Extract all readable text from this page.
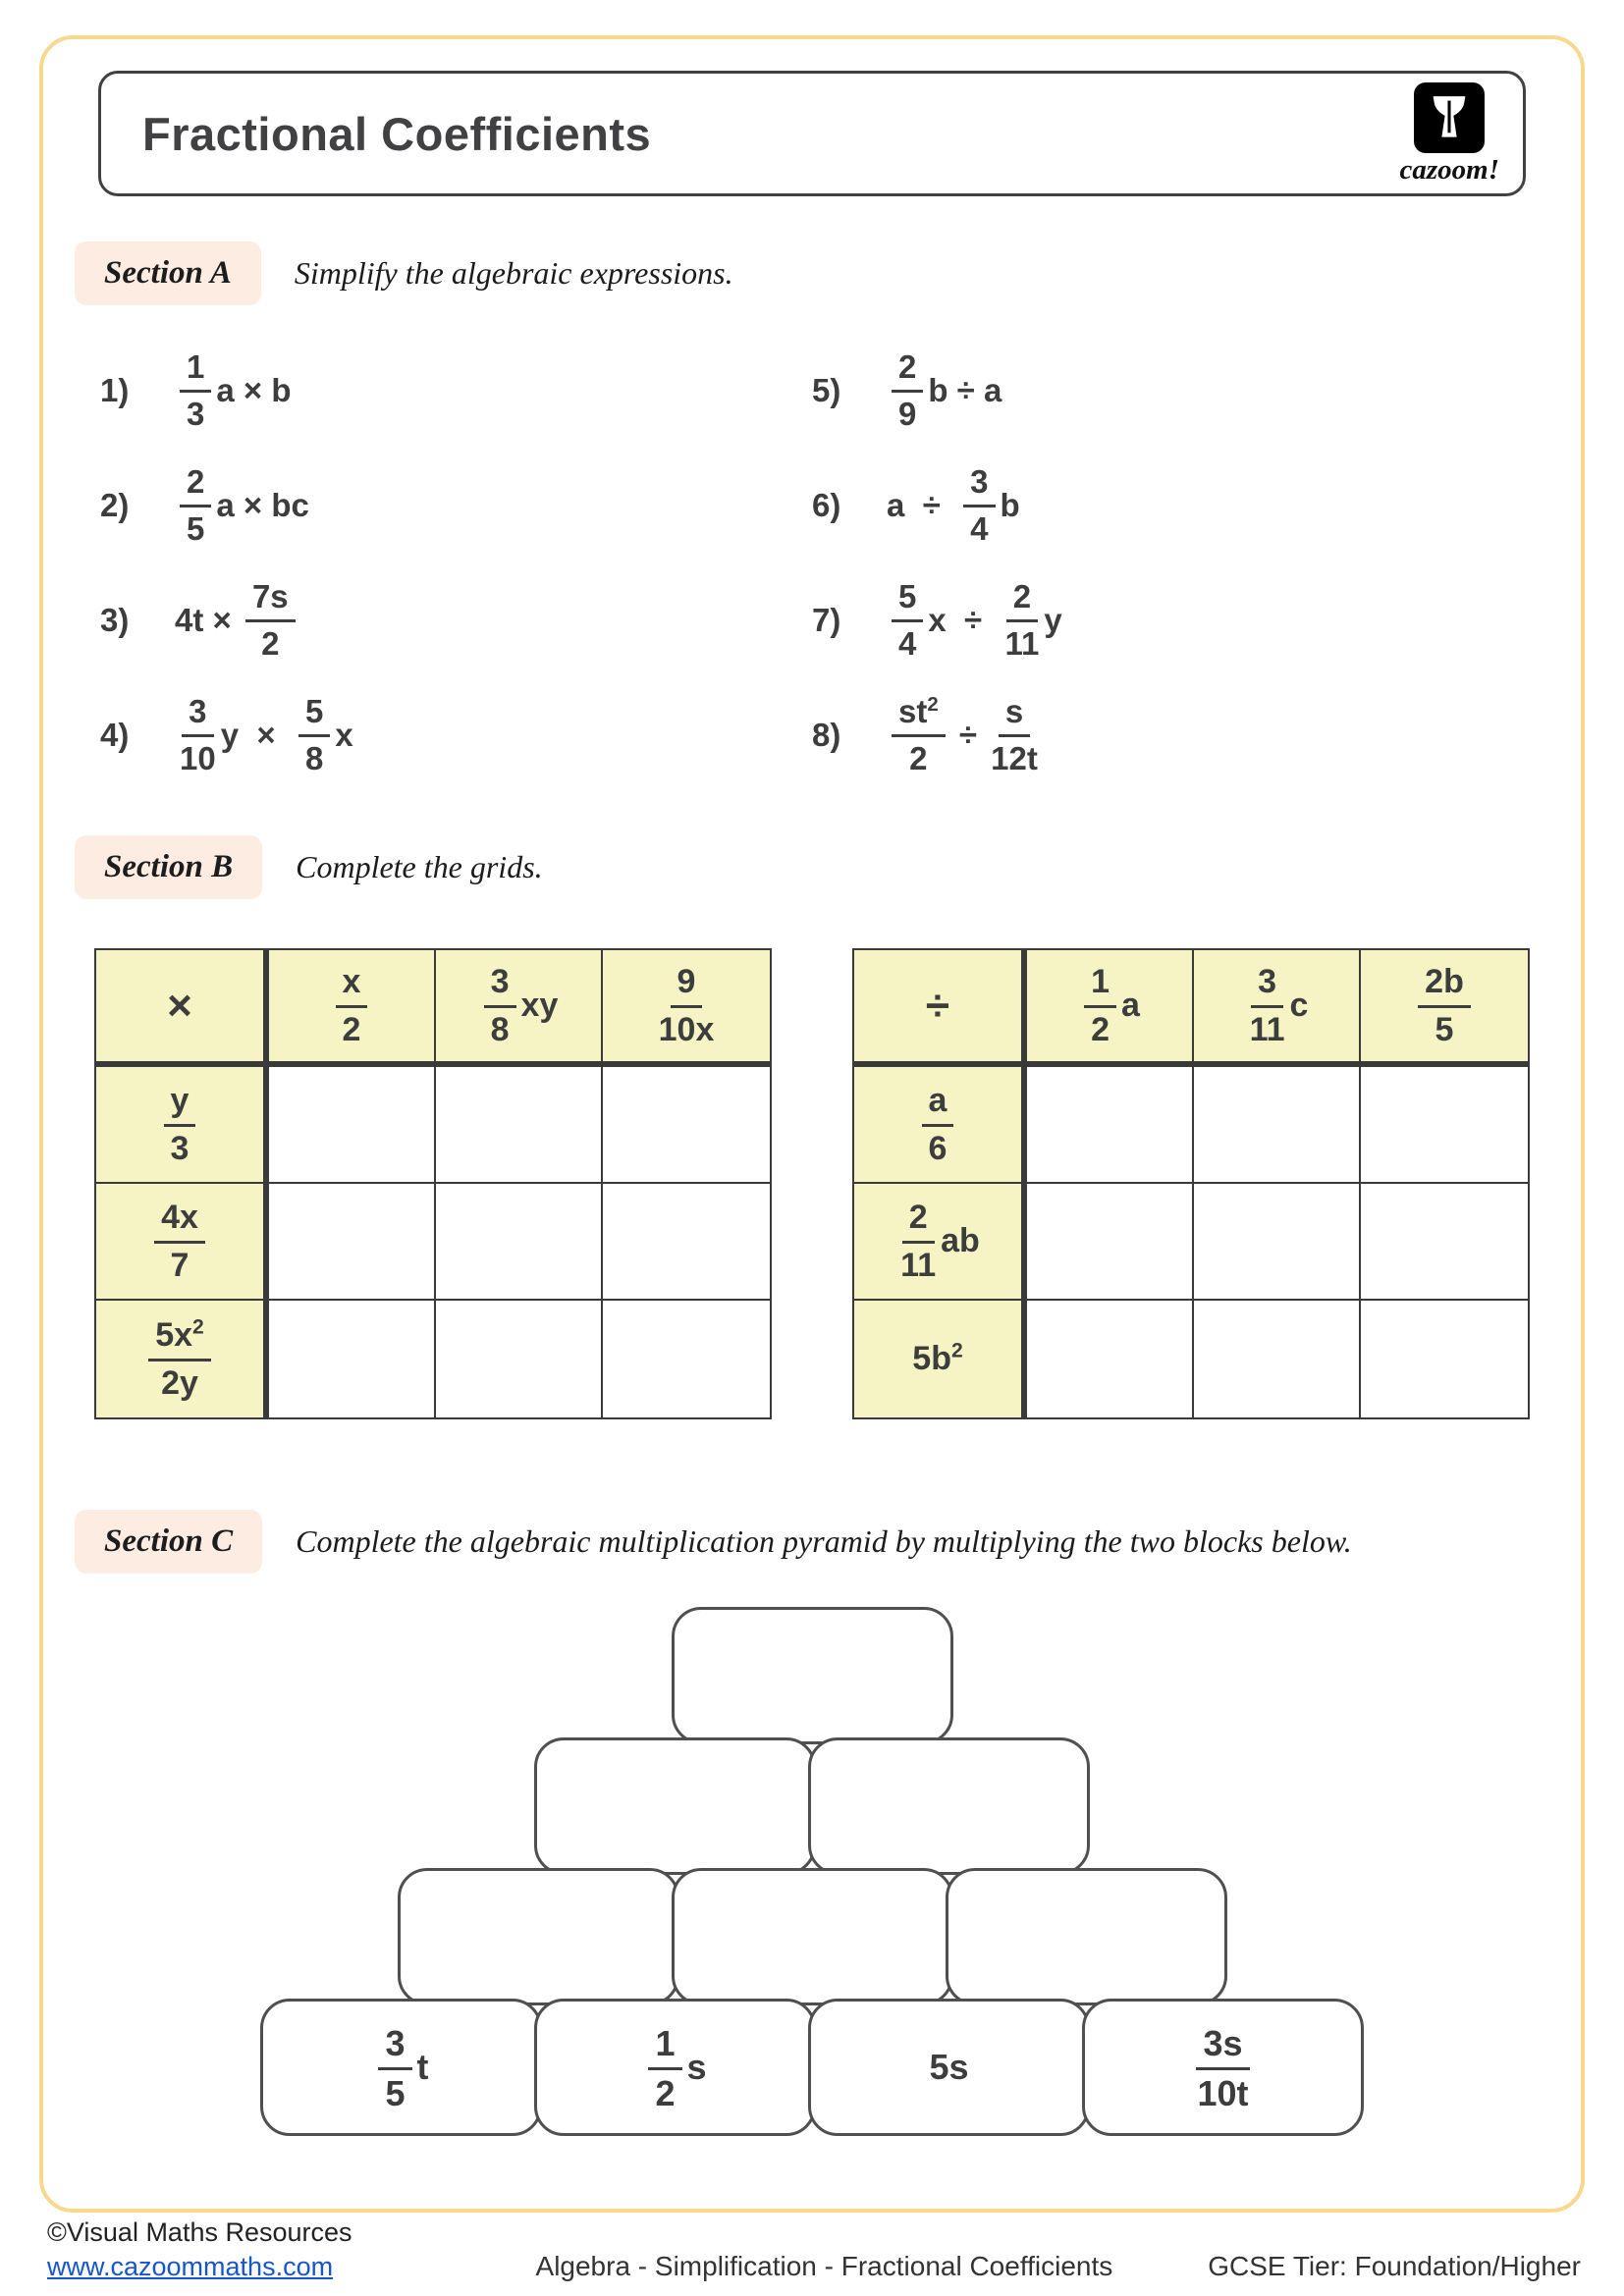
Fractional Coefficients
cazoom!
Section A	Simplify the algebraic expressions.
1)	$\frac{1}{3}$ a × b
2)	$\frac{2}{5}$ a × bc
3)	$4t \times \frac{7s}{2}$
4)	$\frac{3}{10}$ $y \times \frac{5}{8}$ x
5)	$\frac{2}{9}$ b ÷ a
6)	$a \div \frac{3}{4}$ b
7)	$\frac{5}{4}$ $x \div \frac{2}{11}$ y
8)	$\frac{st^2}{2} \div \frac{s}{12t}$
Section B	Complete the grids.
×	$\frac{x}{2}$	$\frac{3}{8}$ xy	$\frac{9}{10x}$
$\frac{y}{3}$
$\frac{4x}{7}$
$\frac{5x^2}{2y}$
÷	$\frac{1}{2}$ a	$\frac{3}{11}$ c	$\frac{2b}{5}$
$\frac{a}{6}$
$\frac{2}{11}$ ab
$5b^2$
Section C	Complete the algebraic multiplication pyramid by multiplying the two blocks below.
$\frac{3}{5}$ t	$\frac{1}{2}$ s	5s	$\frac{3s}{10t}$
©Visual Maths Resources
www.cazoommaths.com	Algebra - Simplification - Fractional Coefficients	GCSE Tier: Foundation/Higher
